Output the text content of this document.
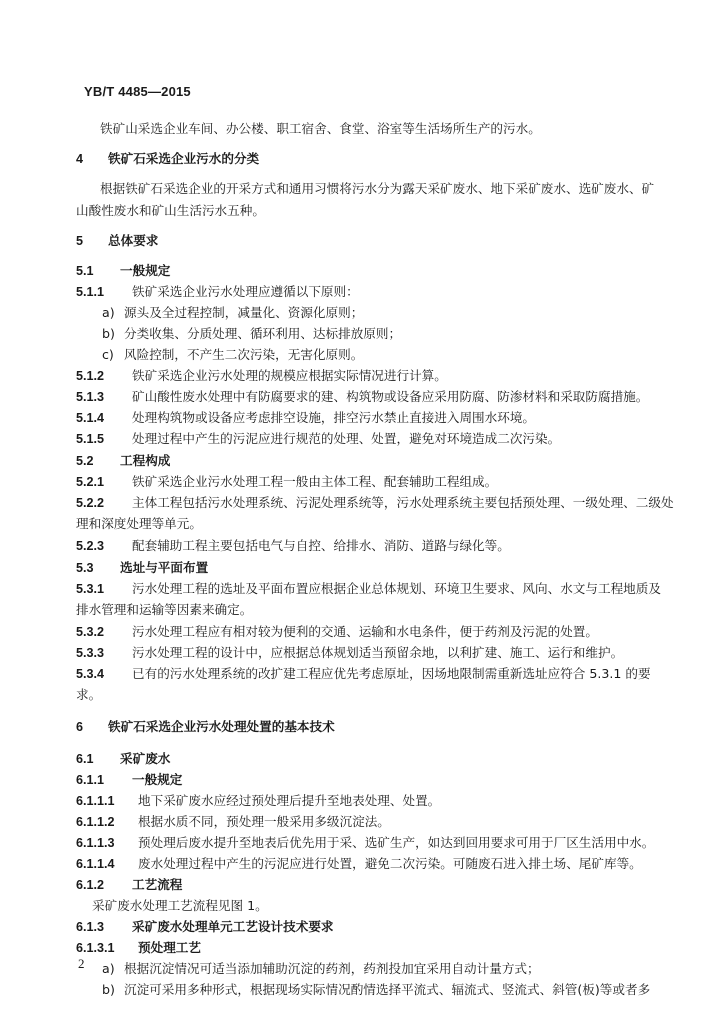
YB/T 4485—2015
铁矿山采选企业车间、办公楼、职工宿舍、食堂、浴室等生活场所生产的污水。
4 铁矿石采选企业污水的分类
根据铁矿石采选企业的开采方式和通用习惯将污水分为露天采矿废水、地下采矿废水、选矿废水、矿
山酸性废水和矿山生活污水五种。
5 总体要求
5.1 一般规定
5.1.1 铁矿采选企业污水处理应遵循以下原则：
a) 源头及全过程控制，减量化、资源化原则；
b) 分类收集、分质处理、循环利用、达标排放原则；
c) 风险控制，不产生二次污染，无害化原则。
5.1.2 铁矿采选企业污水处理的规模应根据实际情况进行计算。
5.1.3 矿山酸性废水处理中有防腐要求的建、构筑物或设备应采用防腐、防渗材料和采取防腐措施。
5.1.4 处理构筑物或设备应考虑排空设施，排空污水禁止直接进入周围水环境。
5.1.5 处理过程中产生的污泥应进行规范的处理、处置，避免对环境造成二次污染。
5.2 工程构成
5.2.1 铁矿采选企业污水处理工程一般由主体工程、配套辅助工程组成。
5.2.2 主体工程包括污水处理系统、污泥处理系统等，污水处理系统主要包括预处理、一级处理、二级处
理和深度处理等单元。
5.2.3 配套辅助工程主要包括电气与自控、给排水、消防、道路与绿化等。
5.3 选址与平面布置
5.3.1 污水处理工程的选址及平面布置应根据企业总体规划、环境卫生要求、风向、水文与工程地质及
排水管理和运输等因素来确定。
5.3.2 污水处理工程应有相对较为便利的交通、运输和水电条件，便于药剂及污泥的处置。
5.3.3 污水处理工程的设计中，应根据总体规划适当预留余地，以利扩建、施工、运行和维护。
5.3.4 已有的污水处理系统的改扩建工程应优先考虑原址，因场地限制需重新选址应符合 5.3.1 的要
求。
6 铁矿石采选企业污水处理处置的基本技术
6.1 采矿废水
6.1.1 一般规定
6.1.1.1 地下采矿废水应经过预处理后提升至地表处理、处置。
6.1.1.2 根据水质不同，预处理一般采用多级沉淀法。
6.1.1.3 预处理后废水提升至地表后优先用于采、选矿生产，如达到回用要求可用于厂区生活用中水。
6.1.1.4 废水处理过程中产生的污泥应进行处置，避免二次污染。可随废石进入排土场、尾矿库等。
6.1.2 工艺流程
采矿废水处理工艺流程见图 1。
6.1.3 采矿废水处理单元工艺设计技术要求
6.1.3.1 预处理工艺
a) 根据沉淀情况可适当添加辅助沉淀的药剂，药剂投加宜采用自动计量方式；
b) 沉淀可采用多种形式，根据现场实际情况酌情选择平流式、辐流式、竖流式、斜管(板)等或者多
2
